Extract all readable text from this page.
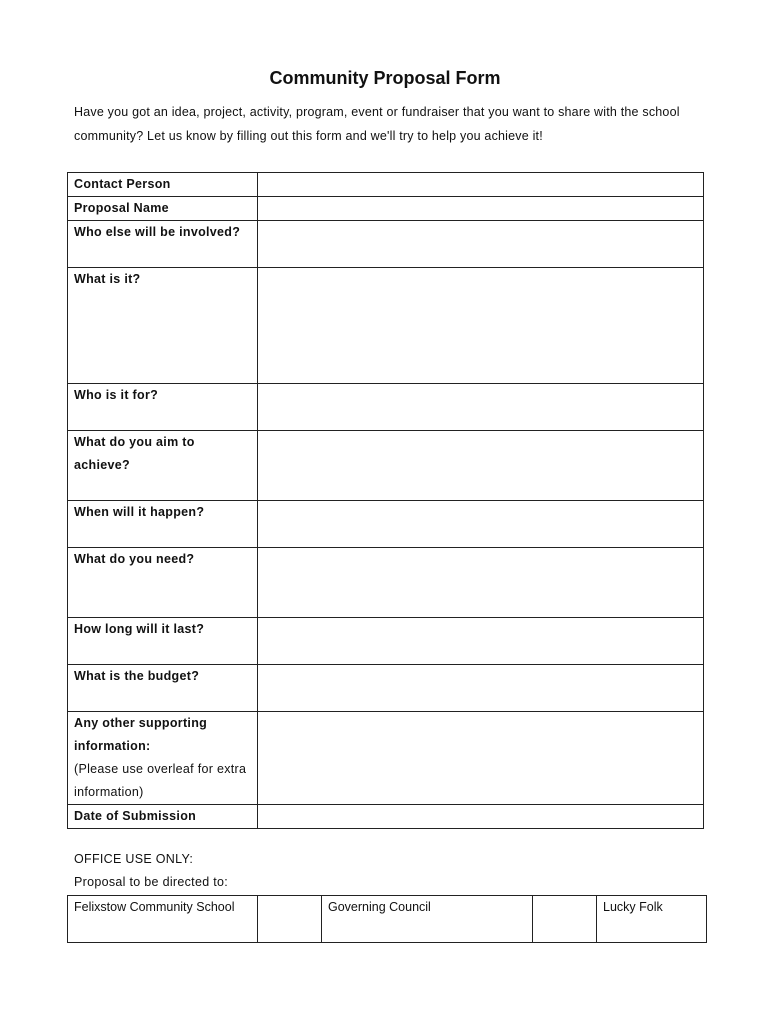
Community Proposal Form
Have you got an idea, project, activity, program, event or fundraiser that you want to share with the school community? Let us know by filling out this form and we'll try to help you achieve it!
Contact Person	
Proposal Name	
Who else will be involved?	
What is it?	
Who is it for?	
What do you aim to achieve?	
When will it happen?	
What do you need?	
How long will it last?	
What is the budget?	

Any other supporting information:
(Please use overleaf for extra information)	

Date of Submission	
OFFICE USE ONLY:
Proposal to be directed to:
Felixstow Community School		Governing Council		Lucky Folk	
